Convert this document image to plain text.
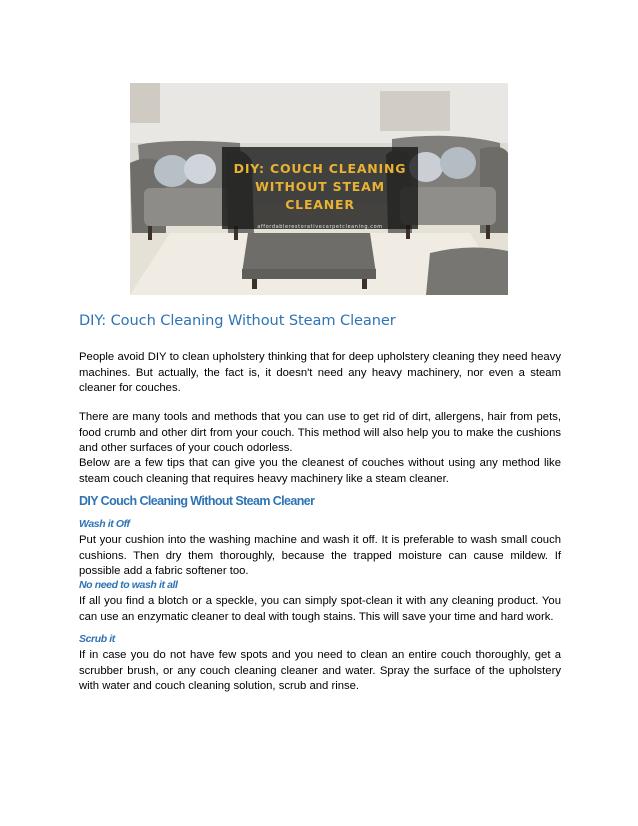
DIY: COUCH CLEANING
WITHOUT STEAM CLEANER
affordablerestorativecarpetcleaning.com
DIY: Couch Cleaning Without Steam Cleaner

People avoid DIY to clean upholstery thinking that for deep upholstery cleaning they need heavy machines. But actually, the fact is, it doesn't need any heavy machinery, nor even a steam cleaner for couches.

There are many tools and methods that you can use to get rid of dirt, allergens, hair from pets, food crumb and other dirt from your couch. This method will also help you to make the cushions and other surfaces of your couch odorless.

Below are a few tips that can give you the cleanest of couches without using any method like steam couch cleaning that requires heavy machinery like a steam cleaner.

DIY Couch Cleaning Without Steam Cleaner
Wash it Off

Put your cushion into the washing machine and wash it off. It is preferable to wash small couch cushions. Then dry them thoroughly, because the trapped moisture can cause mildew. If possible add a fabric softener too.

No need to wash it all

If all you find a blotch or a speckle, you can simply spot-clean it with any cleaning product. You can use an enzymatic cleaner to deal with tough stains. This will save your time and hard work.

Scrub it

If in case you do not have few spots and you need to clean an entire couch thoroughly, get a scrubber brush, or any couch cleaning cleaner and water. Spray the surface of the upholstery with water and couch cleaning solution, scrub and rinse.
